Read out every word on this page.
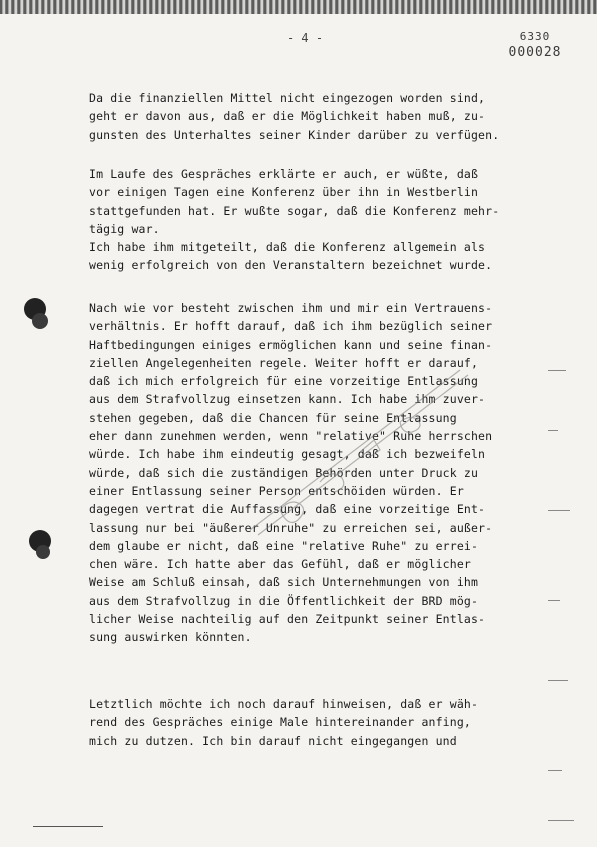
- 4 -	6330
000028
Da die finanziellen Mittel nicht eingezogen worden sind,
geht er davon aus, daß er die Möglichkeit haben muß, zu-
gunsten des Unterhaltes seiner Kinder darüber zu verfügen.
Im Laufe des Gespräches erklärte er auch, er wüßte, daß
vor einigen Tagen eine Konferenz über ihn in Westberlin
stattgefunden hat. Er wußte sogar, daß die Konferenz mehr-
tägig war.
Ich habe ihm mitgeteilt, daß die Konferenz allgemein als
wenig erfolgreich von den Veranstaltern bezeichnet wurde.
Nach wie vor besteht zwischen ihm und mir ein Vertrauens-
verhältnis. Er hofft darauf, daß ich ihm bezüglich seiner
Haftbedingungen einiges ermöglichen kann und seine finan-
ziellen Angelegenheiten regele. Weiter hofft er darauf,
daß ich mich erfolgreich für eine vorzeitige Entlassung
aus dem Strafvollzug einsetzen kann. Ich habe ihm zuver-
stehen gegeben, daß die Chancen für seine Entlassung
eher dann zunehmen werden, wenn "relative" Ruhe herrschen
würde. Ich habe ihm eindeutig gesagt, daß ich bezweifeln
würde, daß sich die zuständigen Behörden unter Druck zu
einer Entlassung seiner Person entschöiden würden. Er
dagegen vertrat die Auffassung, daß eine vorzeitige Ent-
lassung nur bei "äußerer Unruhe" zu erreichen sei, außer-
dem glaube er nicht, daß eine "relative Ruhe" zu errei-
chen wäre. Ich hatte aber das Gefühl, daß er möglicher
Weise am Schluß einsah, daß sich Unternehmungen von ihm
aus dem Strafvollzug in die Öffentlichkeit der BRD mög-
licher Weise nachteilig auf den Zeitpunkt seiner Entlas-
sung auswirken könnten.
Letztlich möchte ich noch darauf hinweisen, daß er wäh-
rend des Gespräches einige Male hintereinander anfing,
mich zu dutzen. Ich bin darauf nicht eingegangen und
